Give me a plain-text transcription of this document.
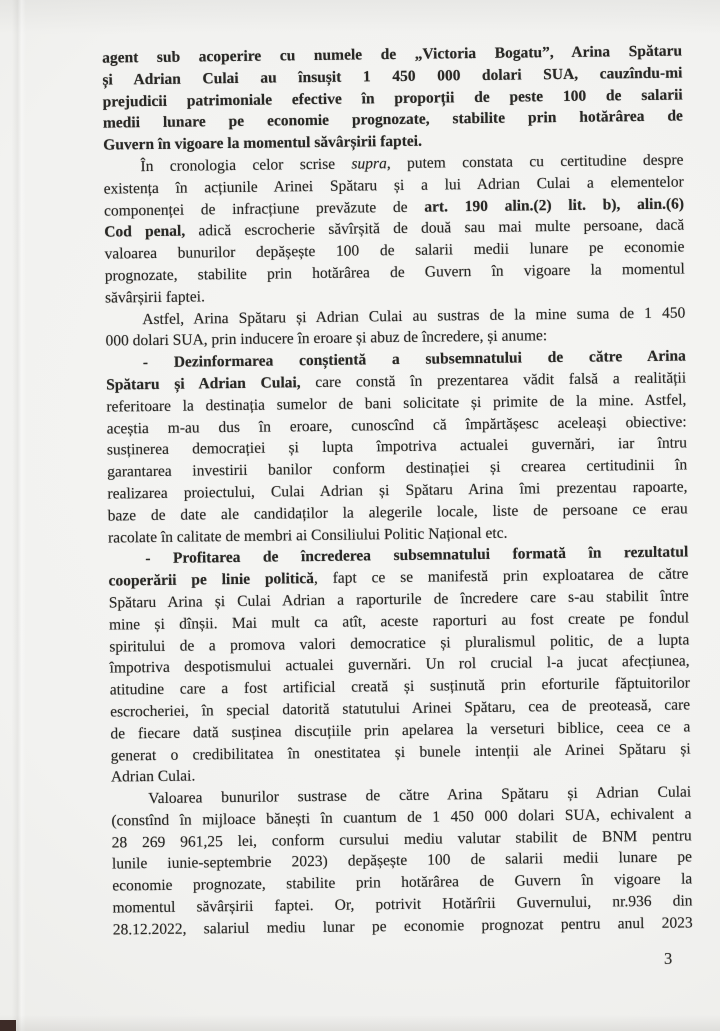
agent sub acoperire cu numele de „Victoria Bogatu”, Arina Spătaru
și Adrian Culai au însușit 1 450 000 dolari SUA, cauzîndu-mi
prejudicii patrimoniale efective în proporții de peste 100 de salarii
medii lunare pe economie prognozate, stabilite prin hotărârea de
Guvern în vigoare la momentul săvârșirii faptei.
În cronologia celor scrise supra, putem constata cu certitudine despre
existența în acțiunile Arinei Spătaru și a lui Adrian Culai a elementelor
componenței de infracțiune prevăzute de art. 190 alin.(2) lit. b), alin.(6)
Cod penal, adică escrocherie săvîrșită de două sau mai multe persoane, dacă
valoarea bunurilor depășește 100 de salarii medii lunare pe economie
prognozate, stabilite prin hotărârea de Guvern în vigoare la momentul
săvârșirii faptei.
Astfel, Arina Spătaru și Adrian Culai au sustras de la mine suma de 1 450
000 dolari SUA, prin inducere în eroare și abuz de încredere, și anume:
- Dezinformarea conștientă a subsemnatului de către Arina
Spătaru și Adrian Culai, care constă în prezentarea vădit falsă a realității
referitoare la destinația sumelor de bani solicitate și primite de la mine. Astfel,
aceștia m-au dus în eroare, cunoscînd că împărtășesc aceleași obiective:
susținerea democrației și lupta împotriva actualei guvernări, iar întru
garantarea investirii banilor conform destinației și crearea certitudinii în
realizarea proiectului, Culai Adrian și Spătaru Arina îmi prezentau rapoarte,
baze de date ale candidaților la alegerile locale, liste de persoane ce erau
racolate în calitate de membri ai Consiliului Politic Național etc.
- Profitarea de încrederea subsemnatului formată în rezultatul
cooperării pe linie politică, fapt ce se manifestă prin exploatarea de către
Spătaru Arina și Culai Adrian a raporturile de încredere care s-au stabilit între
mine și dînșii. Mai mult ca atît, aceste raporturi au fost create pe fondul
spiritului de a promova valori democratice și pluralismul politic, de a lupta
împotriva despotismului actualei guvernări. Un rol crucial l-a jucat afecțiunea,
atitudine care a fost artificial creată și susținută prin eforturile făptuitorilor
escrocheriei, în special datorită statutului Arinei Spătaru, cea de preoteasă, care
de fiecare dată susținea discuțiile prin apelarea la verseturi biblice, ceea ce a
generat o credibilitatea în onestitatea și bunele intenții ale Arinei Spătaru și
Adrian Culai.
Valoarea bunurilor sustrase de către Arina Spătaru și Adrian Culai
(constînd în mijloace bănești în cuantum de 1 450 000 dolari SUA, echivalent a
28 269 961,25 lei, conform cursului mediu valutar stabilit de BNM pentru
lunile iunie-septembrie 2023) depășește 100 de salarii medii lunare pe
economie prognozate, stabilite prin hotărârea de Guvern în vigoare la
momentul săvârșirii faptei. Or, potrivit Hotărîrii Guvernului, nr.936 din
28.12.2022, salariul mediu lunar pe economie prognozat pentru anul 2023
3
